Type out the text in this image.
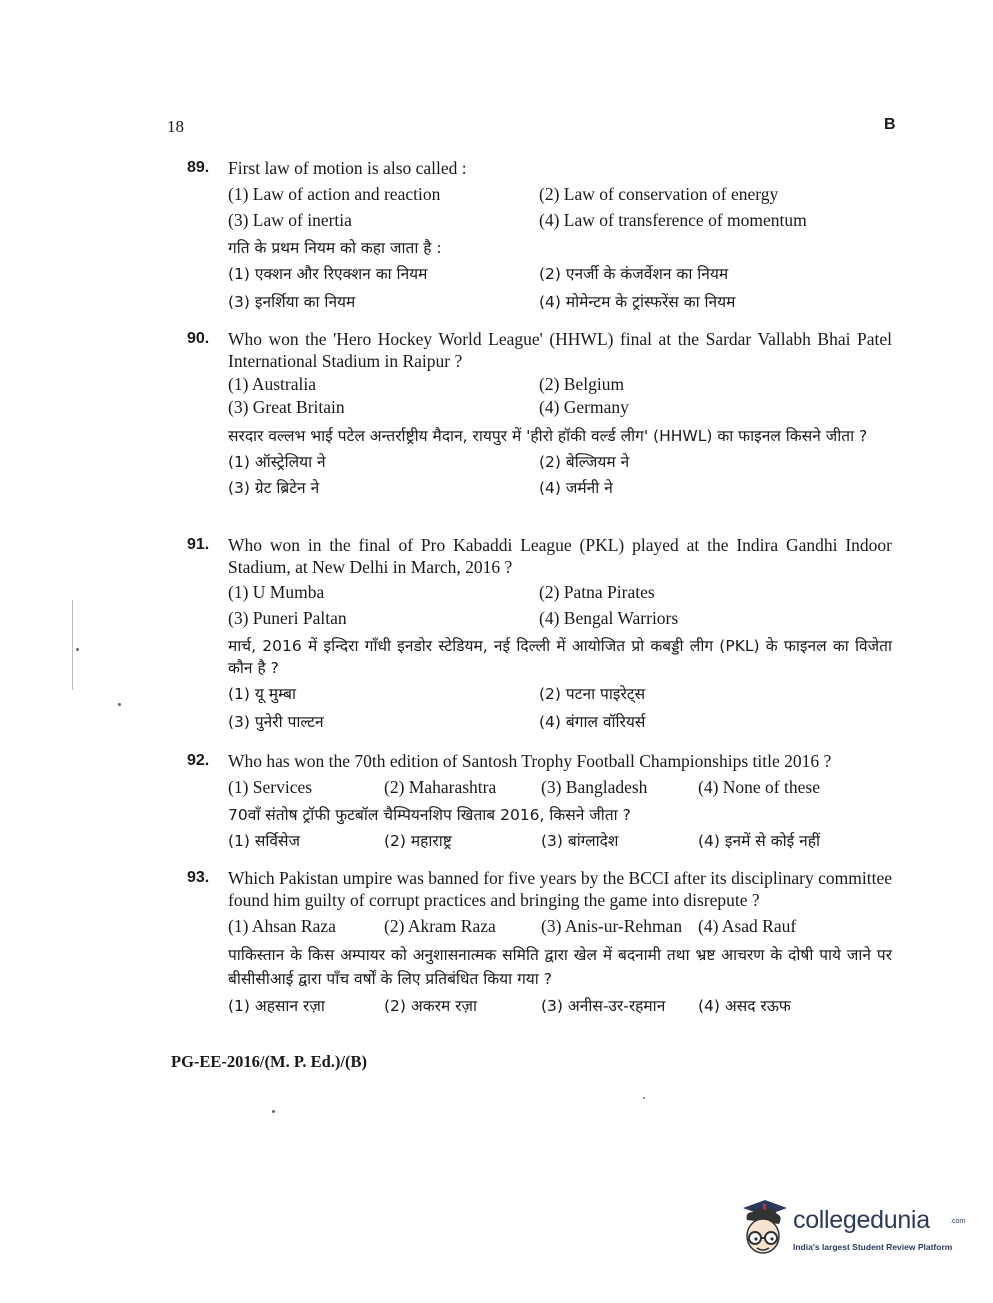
18	B
89. First law of motion is also called :
(1) Law of action and reaction	(2) Law of conservation of energy
(3) Law of inertia	(4) Law of transference of momentum
गति के प्रथम नियम को कहा जाता है :
(1) एक्शन और रिएक्शन का नियम	(2) एनर्जी के कंजर्वेशन का नियम
(3) इनर्शिया का नियम	(4) मोमेन्टम के ट्रांस्फरेंस का नियम
90. Who won the 'Hero Hockey World League' (HHWL) final at the Sardar Vallabh Bhai Patel International Stadium in Raipur ?
(1) Australia	(2) Belgium
(3) Great Britain	(4) Germany
सरदार वल्लभ भाई पटेल अन्तर्राष्ट्रीय मैदान, रायपुर में 'हीरो हॉकी वर्ल्ड लीग' (HHWL) का फाइनल किसने जीता ?
(1) ऑस्ट्रेलिया ने	(2) बेल्जियम ने
(3) ग्रेट ब्रिटेन ने	(4) जर्मनी ने
91. Who won in the final of Pro Kabaddi League (PKL) played at the Indira Gandhi Indoor Stadium, at New Delhi in March, 2016 ?
(1) U Mumba	(2) Patna Pirates
(3) Puneri Paltan	(4) Bengal Warriors
मार्च, 2016 में इन्दिरा गाँधी इनडोर स्टेडियम, नई दिल्ली में आयोजित प्रो कबड्डी लीग (PKL) के फाइनल का विजेता कौन है ?
(1) यू मुम्बा	(2) पटना पाइरेट्स
(3) पुनेरी पाल्टन	(4) बंगाल वॉरियर्स
92. Who has won the 70th edition of Santosh Trophy Football Championships title 2016 ?
(1) Services	(2) Maharashtra	(3) Bangladesh	(4) None of these
70वाँ संतोष ट्रॉफी फुटबॉल चैम्पियनशिप खिताब 2016, किसने जीता ?
(1) सर्विसेज	(2) महाराष्ट्र	(3) बांग्लादेश	(4) इनमें से कोई नहीं
93. Which Pakistan umpire was banned for five years by the BCCI after its disciplinary committee found him guilty of corrupt practices and bringing the game into disrepute ?
(1) Ahsan Raza	(2) Akram Raza	(3) Anis-ur-Rehman (4) Asad Rauf
पाकिस्तान के किस अम्पायर को अनुशासनात्मक समिति द्वारा खेल में बदनामी तथा भ्रष्ट आचरण के दोषी पाये जाने पर बीसीसीआई द्वारा पाँच वर्षों के लिए प्रतिबंधित किया गया ?
(1) अहसान रज़ा	(2) अकरम रज़ा	(3) अनीस-उर-रहमान (4) असद रऊफ
PG-EE-2016/(M. P. Ed.)/(B)
collegedunia	.com
India's largest Student Review Platform
